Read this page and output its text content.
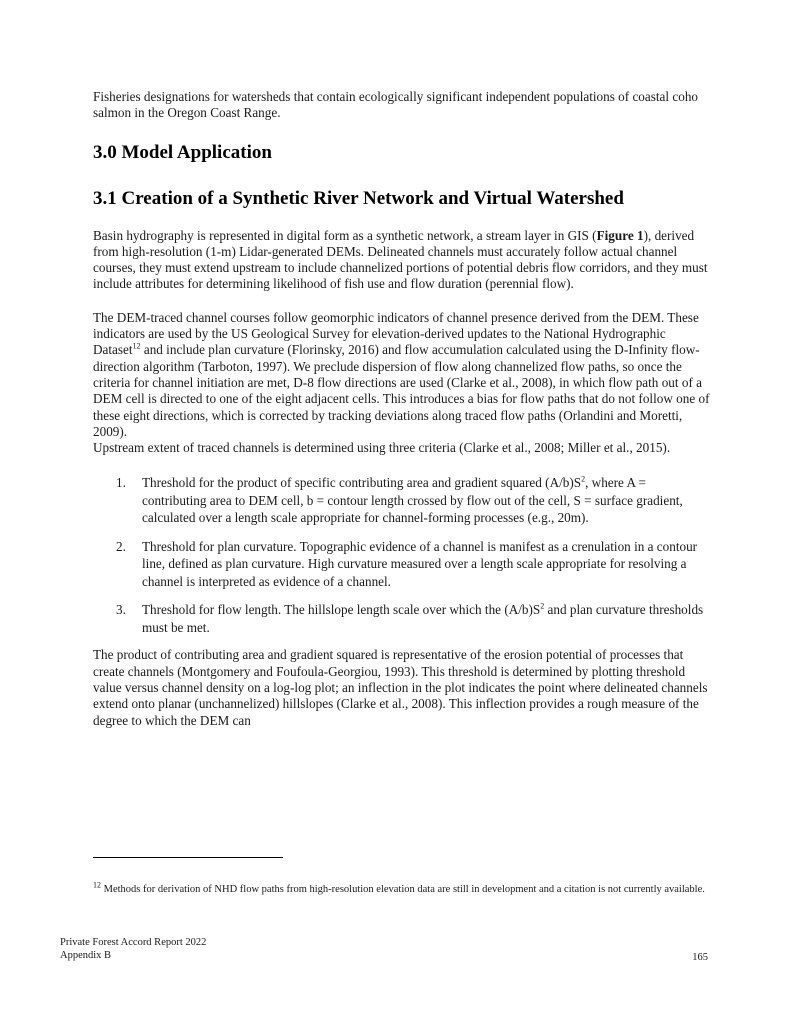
Fisheries designations for watersheds that contain ecologically significant independent populations of coastal coho salmon in the Oregon Coast Range.

3.0 Model Application
3.1 Creation of a Synthetic River Network and Virtual Watershed

Basin hydrography is represented in digital form as a synthetic network, a stream layer in GIS (Figure 1), derived from high-resolution (1-m) Lidar-generated DEMs. Delineated channels must accurately follow actual channel courses, they must extend upstream to include channelized portions of potential debris flow corridors, and they must include attributes for determining likelihood of fish use and flow duration (perennial flow).

The DEM-traced channel courses follow geomorphic indicators of channel presence derived from the DEM. These indicators are used by the US Geological Survey for elevation-derived updates to the National Hydrographic Dataset$^{12}$ and include plan curvature (Florinsky, 2016) and flow accumulation calculated using the D-Infinity flow-direction algorithm (Tarboton, 1997). We preclude dispersion of flow along channelized flow paths, so once the criteria for channel initiation are met, D-8 flow directions are used (Clarke et al., 2008), in which flow path out of a DEM cell is directed to one of the eight adjacent cells. This introduces a bias for flow paths that do not follow one of these eight directions, which is corrected by tracking deviations along traced flow paths (Orlandini and Moretti, 2009).

Upstream extent of traced channels is determined using three criteria (Clarke et al., 2008; Miller et al., 2015).

1. Threshold for the product of specific contributing area and gradient squared $(A/b)S^2$, where A = contributing area to DEM cell, b = contour length crossed by flow out of the cell, S = surface gradient, calculated over a length scale appropriate for channel-forming processes (e.g., 20m).
2. Threshold for plan curvature. Topographic evidence of a channel is manifest as a crenulation in a contour line, defined as plan curvature. High curvature measured over a length scale appropriate for resolving a channel is interpreted as evidence of a channel.
3. Threshold for flow length. The hillslope length scale over which the $(A/b)S^2$ and plan curvature thresholds must be met.

The product of contributing area and gradient squared is representative of the erosion potential of processes that create channels (Montgomery and Foufoula-Georgiou, 1993). This threshold is determined by plotting threshold value versus channel density on a log-log plot; an inflection in the plot indicates the point where delineated channels extend onto planar (unchannelized) hillslopes (Clarke et al., 2008). This inflection provides a rough measure of the degree to which the DEM can

$^{12}$ Methods for derivation of NHD flow paths from high-resolution elevation data are still in development and a citation is not currently available.
Private Forest Accord Report 2022
Appendix B	165
